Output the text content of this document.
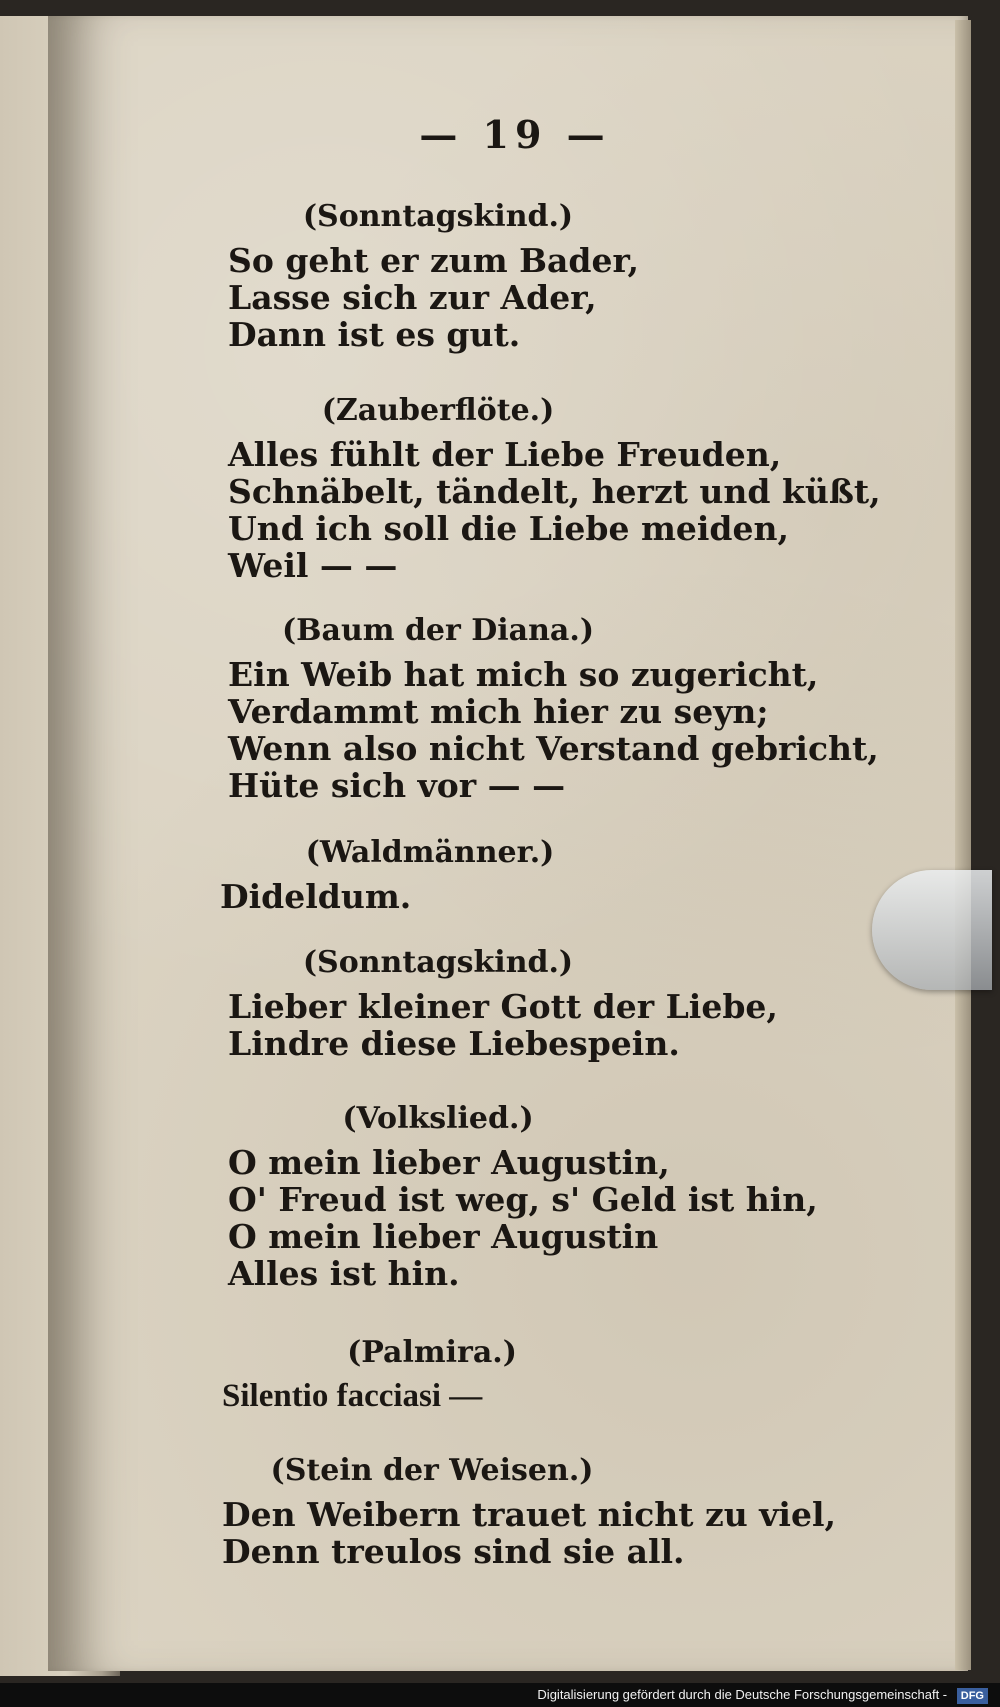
— 19 —
(Sonntagskind.)
So geht er zum Bader,
Lasse sich zur Ader,
Dann ist es gut.
(Zauberflöte.)
Alles fühlt der Liebe Freuden,
Schnäbelt, tändelt, herzt und küßt,
Und ich soll die Liebe meiden,
Weil — —
(Baum der Diana.)
Ein Weib hat mich so zugericht,
Verdammt mich hier zu seyn;
Wenn also nicht Verstand gebricht,
Hüte sich vor — —
(Waldmänner.)
Dideldum.
(Sonntagskind.)
Lieber kleiner Gott der Liebe,
Lindre diese Liebespein.
(Volkslied.)
O mein lieber Augustin,
O' Freud ist weg, s' Geld ist hin,
O mein lieber Augustin
Alles ist hin.
(Palmira.)
Silentio facciasi —
(Stein der Weisen.)
Den Weibern trauet nicht zu viel,
Denn treulos sind sie all.
Digitalisierung gefördert durch die Deutsche Forschungsgemeinschaft - DFG
